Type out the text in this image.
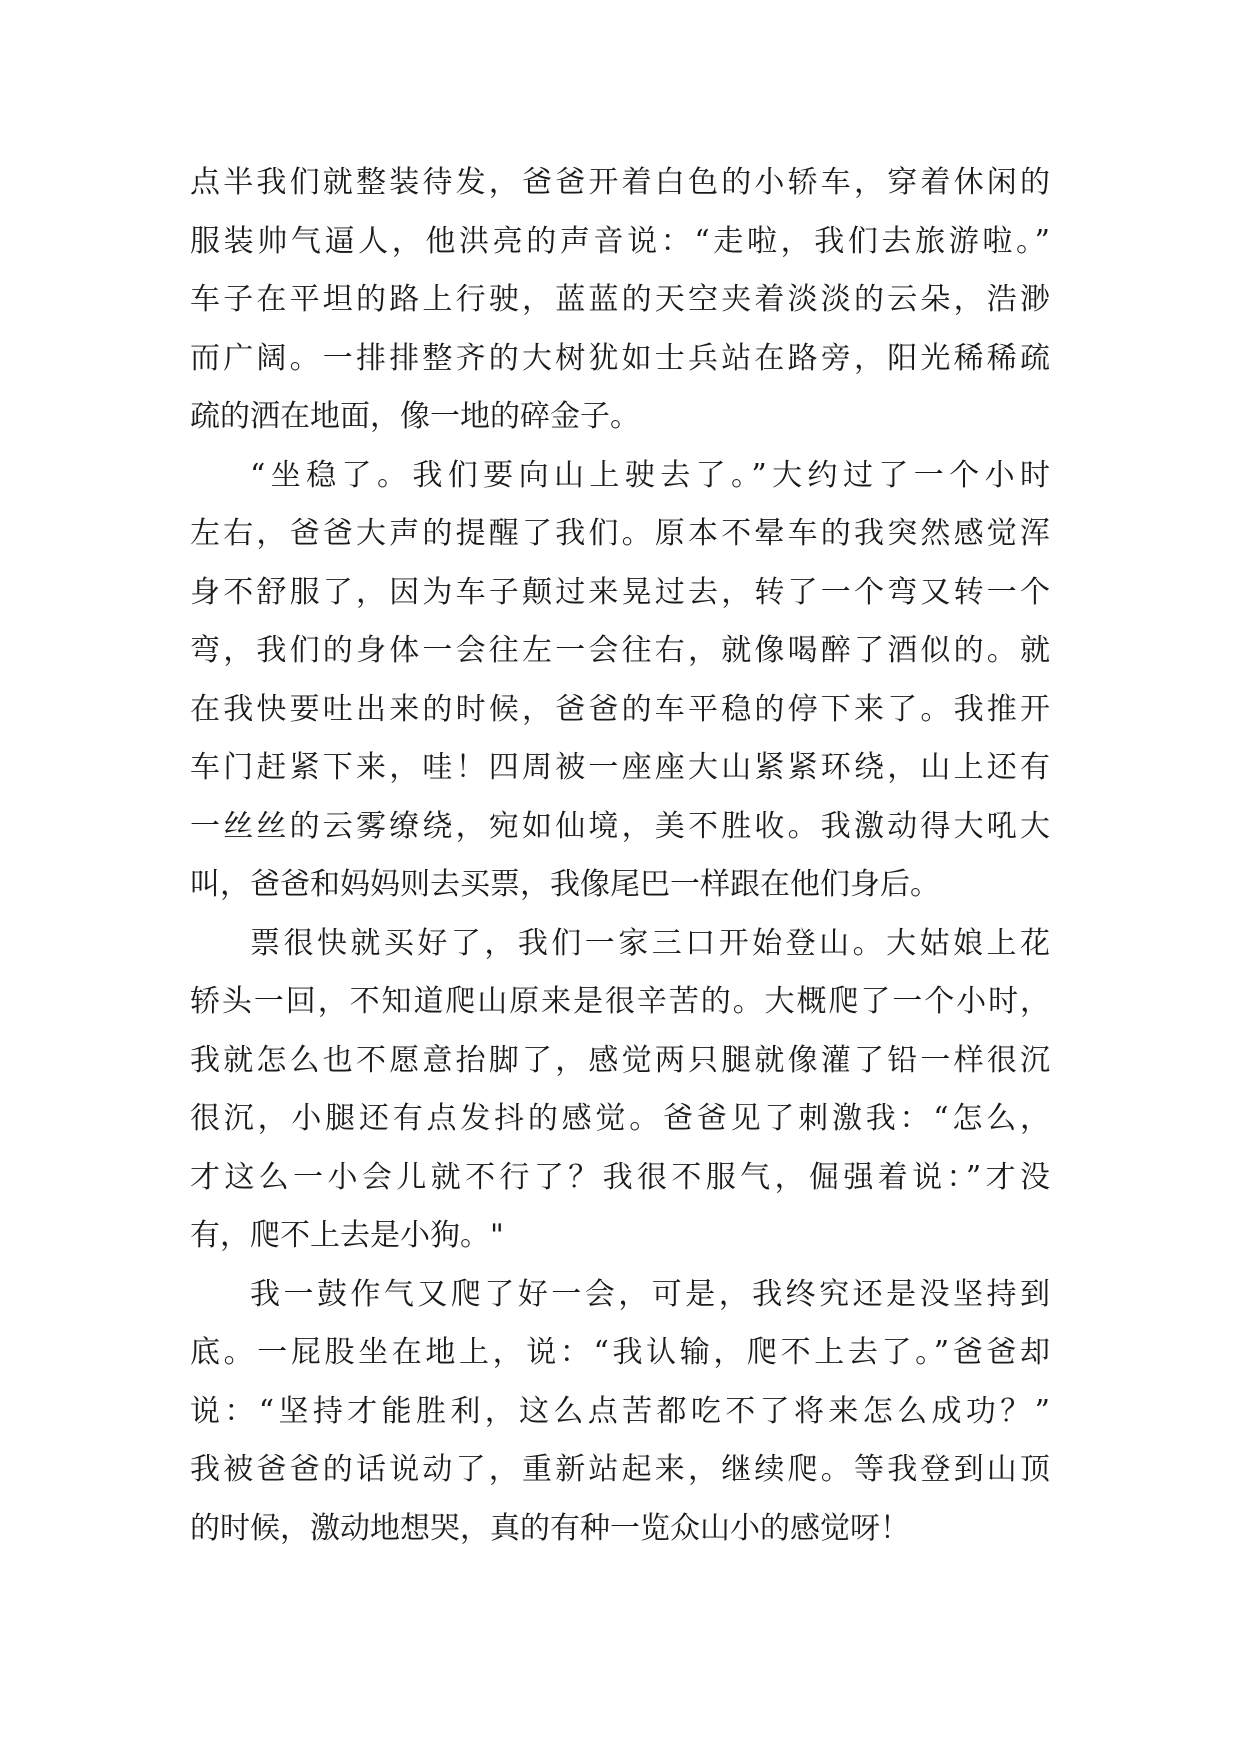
点半我们就整装待发，爸爸开着白色的小轿车，穿着休闲的
服装帅气逼人，他洪亮的声音说：“走啦，我们去旅游啦。”
车子在平坦的路上行驶，蓝蓝的天空夹着淡淡的云朵，浩渺
而广阔。一排排整齐的大树犹如士兵站在路旁，阳光稀稀疏
疏的洒在地面，像一地的碎金子。
“坐稳了。我们要向山上驶去了。”大约过了一个小时
左右，爸爸大声的提醒了我们。原本不晕车的我突然感觉浑
身不舒服了，因为车子颠过来晃过去，转了一个弯又转一个
弯，我们的身体一会往左一会往右，就像喝醉了酒似的。就
在我快要吐出来的时候，爸爸的车平稳的停下来了。我推开
车门赶紧下来，哇！四周被一座座大山紧紧环绕，山上还有
一丝丝的云雾缭绕，宛如仙境，美不胜收。我激动得大吼大
叫，爸爸和妈妈则去买票，我像尾巴一样跟在他们身后。
票很快就买好了，我们一家三口开始登山。大姑娘上花
轿头一回，不知道爬山原来是很辛苦的。大概爬了一个小时，
我就怎么也不愿意抬脚了，感觉两只腿就像灌了铅一样很沉
很沉，小腿还有点发抖的感觉。爸爸见了刺激我：“怎么，
才这么一小会儿就不行了？我很不服气，倔强着说：”才没
有，爬不上去是小狗。"
我一鼓作气又爬了好一会，可是，我终究还是没坚持到
底。一屁股坐在地上，说：“我认输，爬不上去了。”爸爸却
说：“坚持才能胜利，这么点苦都吃不了将来怎么成功？”
我被爸爸的话说动了，重新站起来，继续爬。等我登到山顶
的时候，激动地想哭，真的有种一览众山小的感觉呀！
